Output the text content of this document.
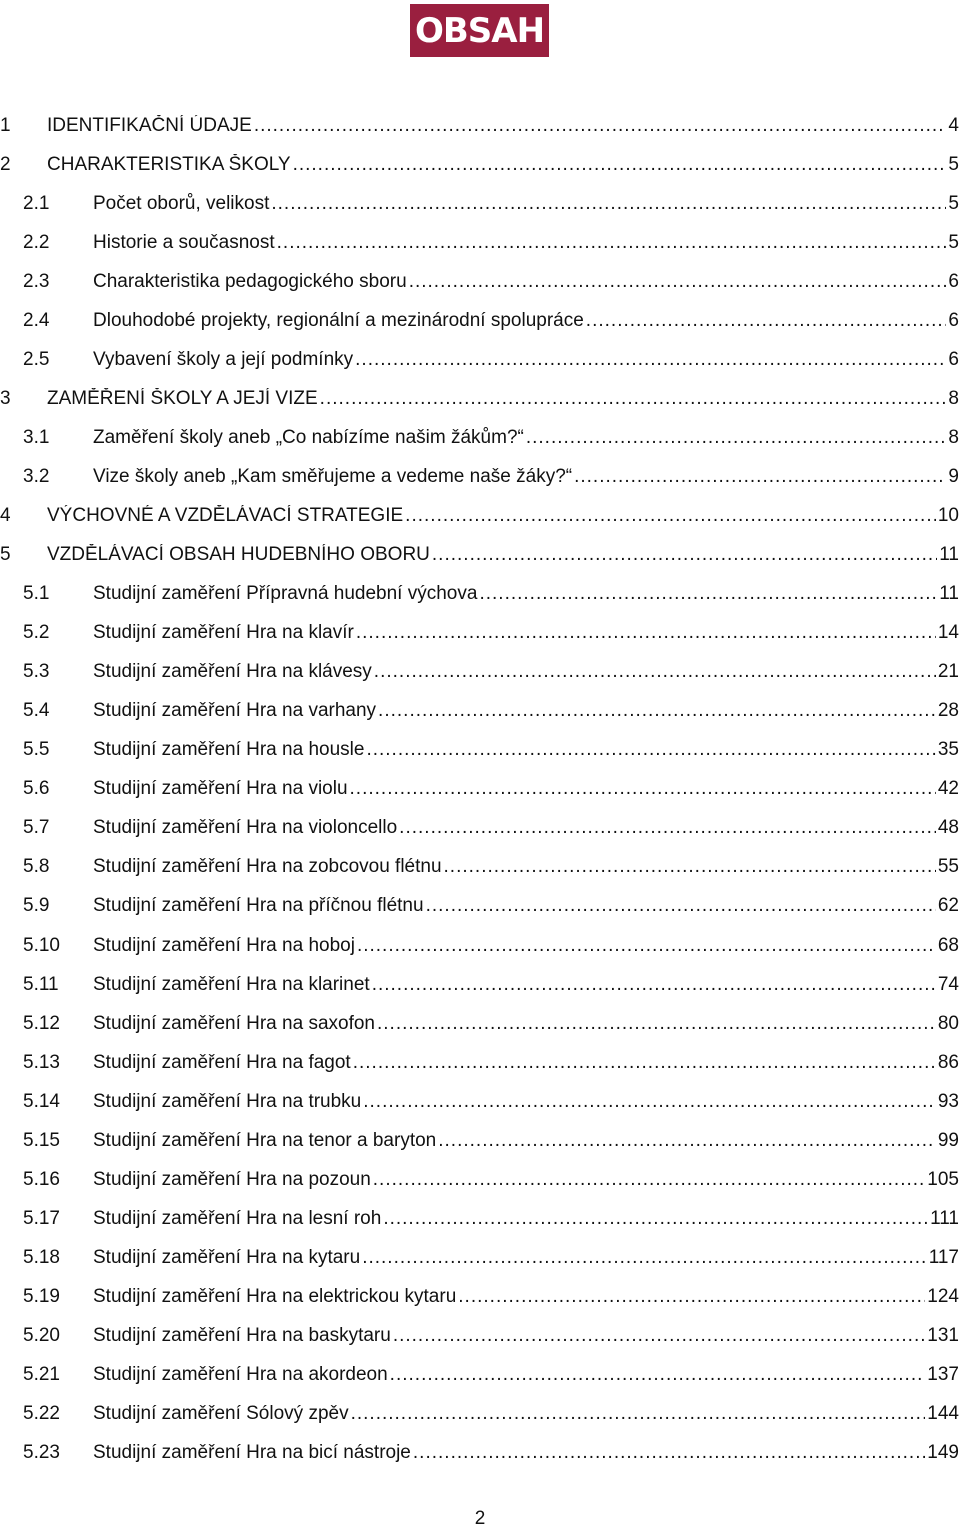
OBSAH
1	IDENTIFIKAČNÍ ÚDAJE .....	4
2	CHARAKTERISTIKA ŠKOLY .....	5
2.1	Počet oborů, velikost .....	5
2.2	Historie a současnost .....	5
2.3	Charakteristika pedagogického sboru .....	6
2.4	Dlouhodobé projekty, regionální a mezinárodní spolupráce .....	6
2.5	Vybavení školy a její podmínky .....	6
3	ZAMĚŘENÍ ŠKOLY A JEJÍ VIZE .....	8
3.1	Zaměření školy aneb „Co nabízíme našim žákům?“ .....	8
3.2	Vize školy aneb „Kam směřujeme a vedeme naše žáky?“ .....	9
4	VÝCHOVNÉ A VZDĚLÁVACÍ STRATEGIE .....	10
5	VZDĚLÁVACÍ OBSAH HUDEBNÍHO OBORU .....	11
5.1	Studijní zaměření Přípravná hudební výchova .....	11
5.2	Studijní zaměření Hra na klavír .....	14
5.3	Studijní zaměření Hra na klávesy .....	21
5.4	Studijní zaměření Hra na varhany .....	28
5.5	Studijní zaměření Hra na housle .....	35
5.6	Studijní zaměření Hra na violu .....	42
5.7	Studijní zaměření Hra na violoncello .....	48
5.8	Studijní zaměření Hra na zobcovou flétnu .....	55
5.9	Studijní zaměření Hra na příčnou flétnu .....	62
5.10	Studijní zaměření Hra na hoboj .....	68
5.11	Studijní zaměření Hra na klarinet .....	74
5.12	Studijní zaměření Hra na saxofon .....	80
5.13	Studijní zaměření Hra na fagot .....	86
5.14	Studijní zaměření Hra na trubku .....	93
5.15	Studijní zaměření Hra na tenor a baryton .....	99
5.16	Studijní zaměření Hra na pozoun .....	105
5.17	Studijní zaměření Hra na lesní roh .....	111
5.18	Studijní zaměření Hra na kytaru .....	117
5.19	Studijní zaměření Hra na elektrickou kytaru .....	124
5.20	Studijní zaměření Hra na baskytaru .....	131
5.21	Studijní zaměření Hra na akordeon .....	137
5.22	Studijní zaměření Sólový zpěv .....	144
5.23	Studijní zaměření Hra na bicí nástroje .....	149
2
